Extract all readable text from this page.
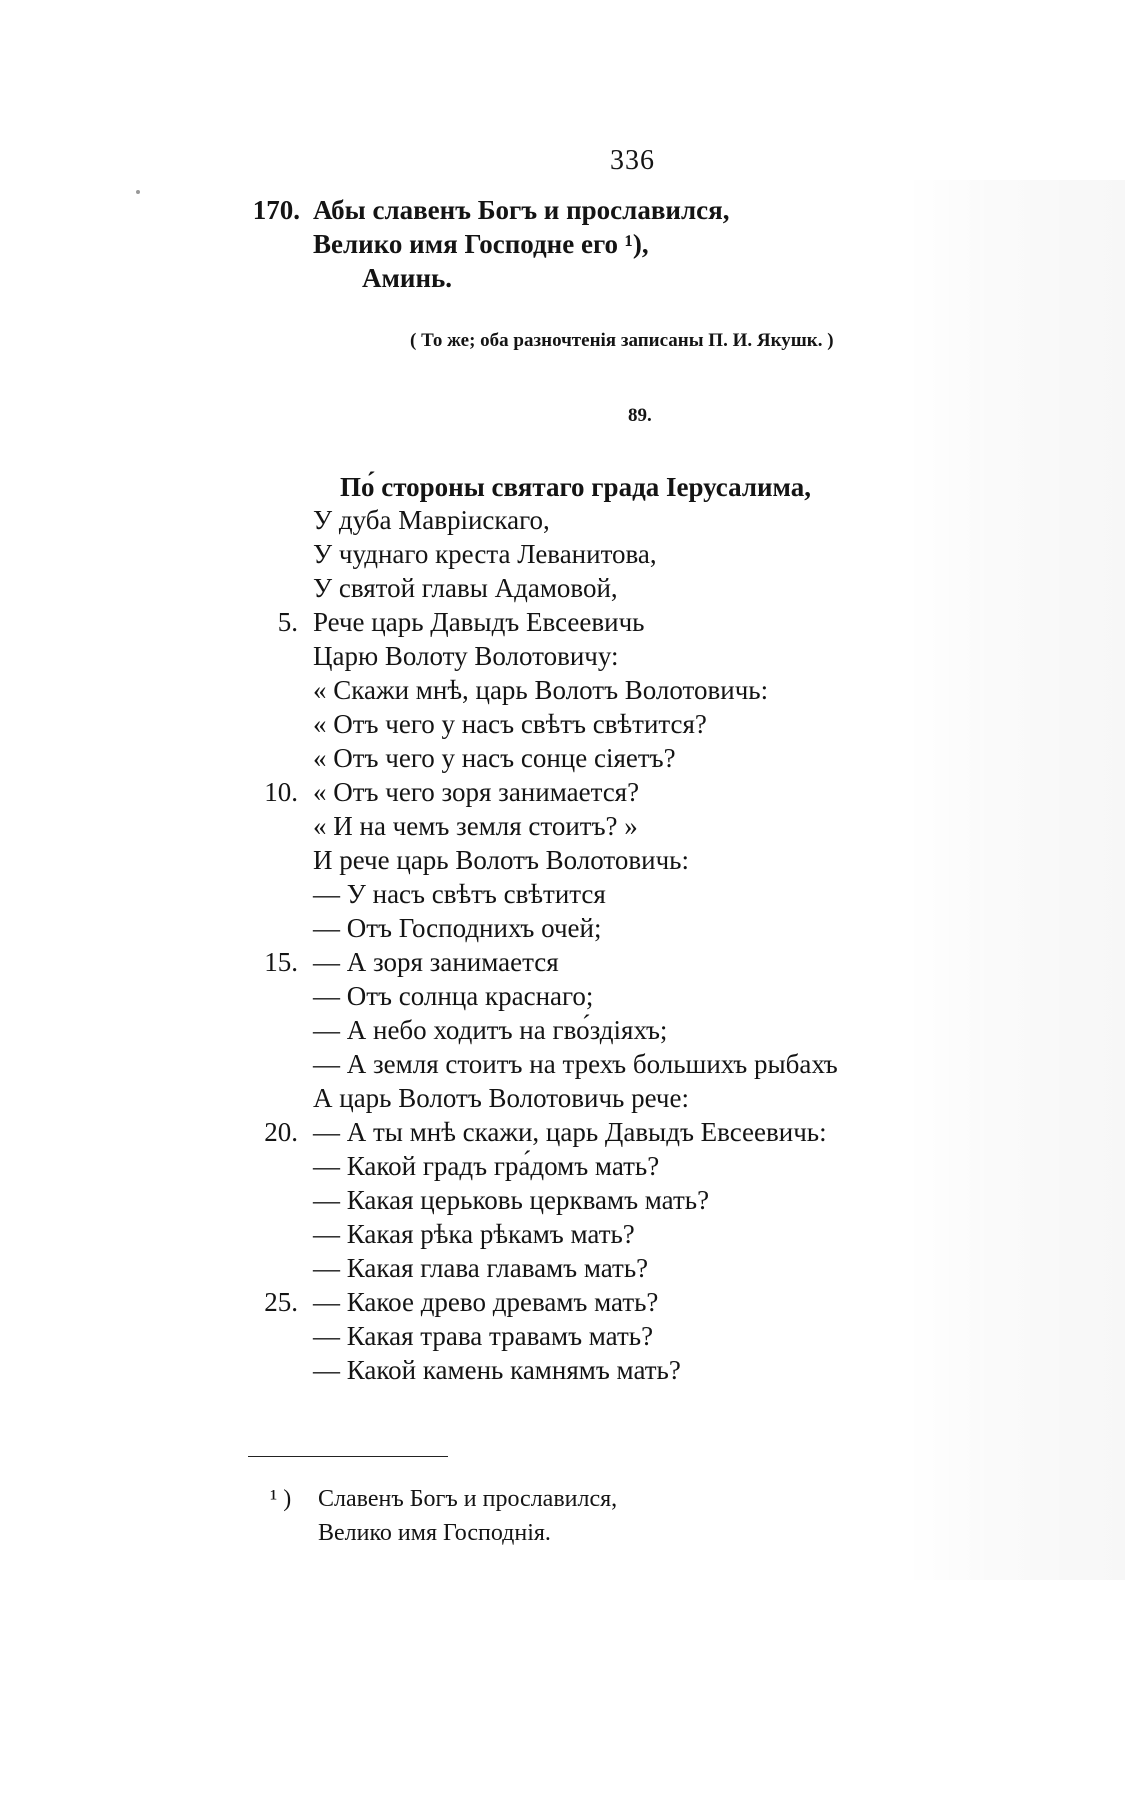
336
170. Абы славенъ Богъ и прославился,
Велико имя Господне его ¹),
Аминь.
( То же; оба разночтенія записаны П. И. Якушк. )
89.
По́ стороны святаго града Іерусалима,
У дуба Мавріискаго,
У чуднаго креста Леванитова,
У святой главы Адамовой,
5. Рече царь Давыдъ Евсеевичь
Царю Волоту Волотовичу:
« Скажи мнѣ, царь Волотъ Волотовичь:
« Отъ чего у насъ свѣтъ свѣтится?
« Отъ чего у насъ сонце сіяетъ?
10. « Отъ чего зоря занимается?
« И на чемъ земля стоитъ? »
И рече царь Волотъ Волотовичь:
— У насъ свѣтъ свѣтится
— Отъ Господнихъ очей;
15. — А зоря занимается
— Отъ солнца краснаго;
— А небо ходитъ на гво́здіяхъ;
— А земля стоитъ на трехъ большихъ рыбахъ
А царь Волотъ Волотовичь рече:
20. — А ты мнѣ скажи, царь Давыдъ Евсеевичь:
— Какой градъ гра́домъ мать?
— Какая церьковь церквамъ мать?
— Какая рѣка рѣкамъ мать?
— Какая глава главамъ мать?
25. — Какое древо древамъ мать?
— Какая трава травамъ мать?
— Какой камень камнямъ мать?
¹ ) Славенъ Богъ и прославился,
Велико имя Господнія.
